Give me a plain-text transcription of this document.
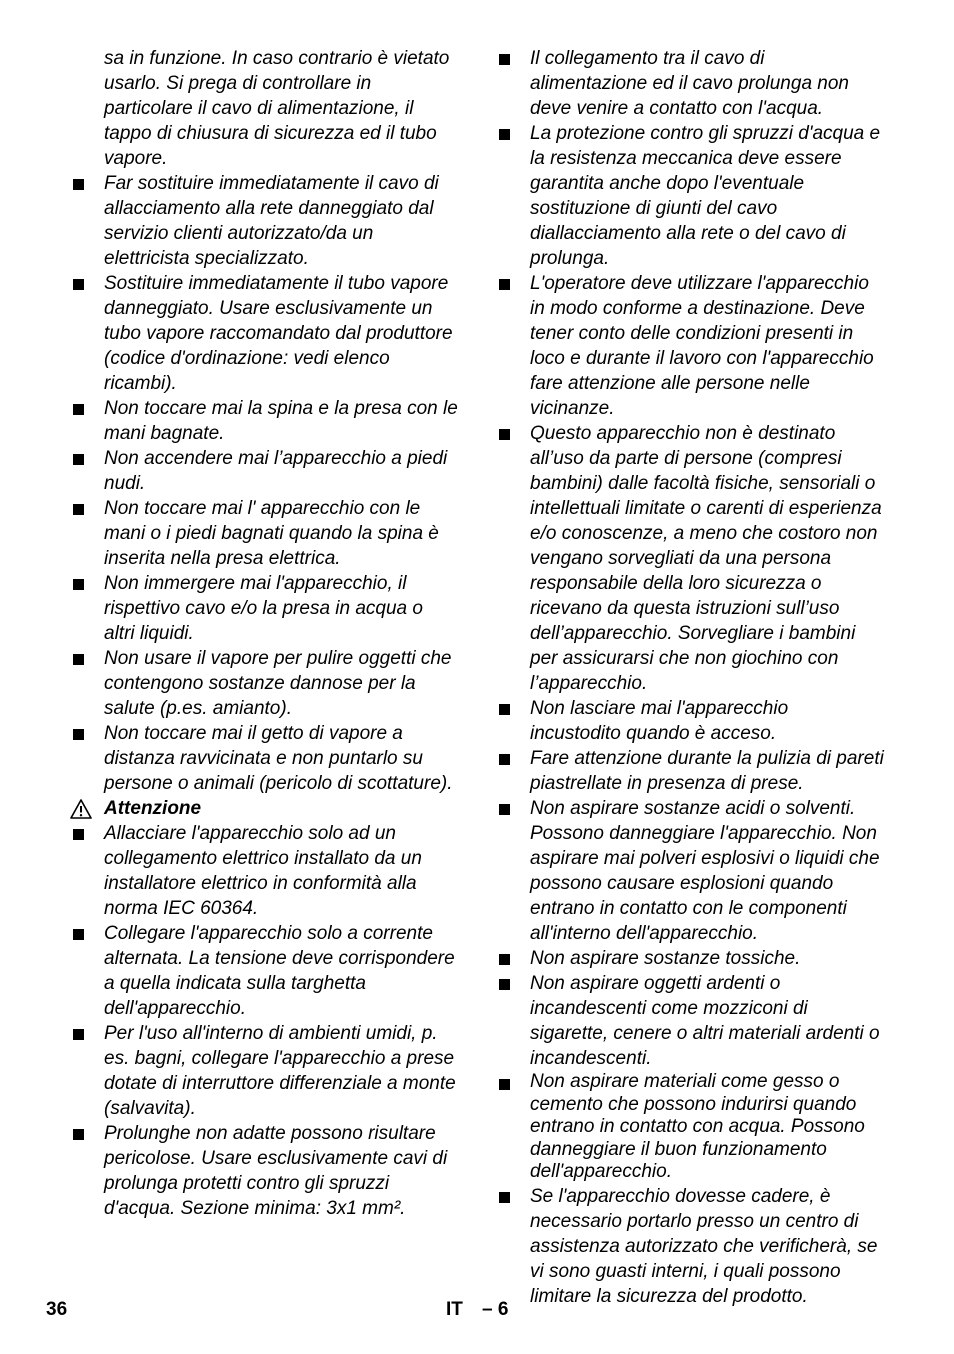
sa in funzione. In caso contrario è vietato usarlo. Si prega di controllare in particolare il cavo di alimentazione, il tappo di chiusura di sicurezza ed il tubo vapore.

Far sostituire immediatamente il cavo di allacciamento alla rete danneggiato dal servizio clienti autorizzato/da un elettricista specializzato.

Sostituire immediatamente il tubo vapore danneggiato. Usare esclusivamente un tubo vapore raccomandato dal produttore (codice d'ordinazione: vedi elenco ricambi).

Non toccare mai la spina e la presa con le mani bagnate.

Non accendere mai l’apparecchio a piedi nudi.

Non toccare mai l' apparecchio con le mani o i piedi bagnati quando la spina è inserita nella presa elettrica.

Non immergere mai l'apparecchio, il rispettivo cavo e/o la presa in acqua o altri liquidi.

Non usare il vapore per pulire oggetti che contengono sostanze dannose per la salute (p.es. amianto).

Non toccare mai il getto di vapore a distanza ravvicinata e non puntarlo su persone o animali (pericolo di scottature).

Attenzione

Allacciare l'apparecchio solo ad un collegamento elettrico installato da un installatore elettrico in conformità alla norma IEC 60364.

Collegare l'apparecchio solo a corrente alternata. La tensione deve corrispondere a quella indicata sulla targhetta dell'apparecchio.

Per l'uso all'interno di ambienti umidi, p. es. bagni, collegare l'apparecchio a prese dotate di interruttore differenziale a monte (salvavita).

Prolunghe non adatte possono risultare pericolose. Usare esclusivamente cavi di prolunga protetti contro gli spruzzi d'acqua. Sezione minima: 3x1 mm².

Il collegamento tra il cavo di alimentazione ed il cavo prolunga non deve venire a contatto con l'acqua.

La protezione contro gli spruzzi d'acqua e la resistenza meccanica deve essere garantita anche dopo l'eventuale sostituzione di giunti del cavo diallacciamento alla rete o del cavo di prolunga.

L'operatore deve utilizzare l'apparecchio in modo conforme a destinazione. Deve tener conto delle condizioni presenti in loco e durante il lavoro con l'apparecchio fare attenzione alle persone nelle vicinanze.

Questo apparecchio non è destinato all’uso da parte di persone (compresi bambini) dalle facoltà fisiche, sensoriali o intellettuali limitate o carenti di esperienza e/o conoscenze, a meno che costoro non vengano sorvegliati da una persona responsabile della loro sicurezza o ricevano da questa istruzioni sull’uso dell’apparecchio. Sorvegliare i bambini per assicurarsi che non giochino con l’apparecchio.

Non lasciare mai l'apparecchio incustodito quando è acceso.

Fare attenzione durante la pulizia di pareti piastrellate in presenza di prese.

Non aspirare sostanze acidi o solventi. Possono danneggiare l'apparecchio. Non aspirare mai polveri esplosivi o liquidi che possono causare esplosioni quando entrano in contatto con le componenti all'interno dell'apparecchio.

Non aspirare sostanze tossiche.

Non aspirare oggetti ardenti o incandescenti come mozziconi di sigarette, cenere o altri materiali ardenti o incandescenti.

Non aspirare materiali come gesso o cemento che possono indurirsi quando entrano in contatto con acqua. Possono danneggiare il buon funzionamento dell'apparecchio.

Se l'apparecchio dovesse cadere, è necessario portarlo presso un centro di assistenza autorizzato che verificherà, se vi sono guasti interni, i quali possono limitare la sicurezza del prodotto.

36	IT – 6
